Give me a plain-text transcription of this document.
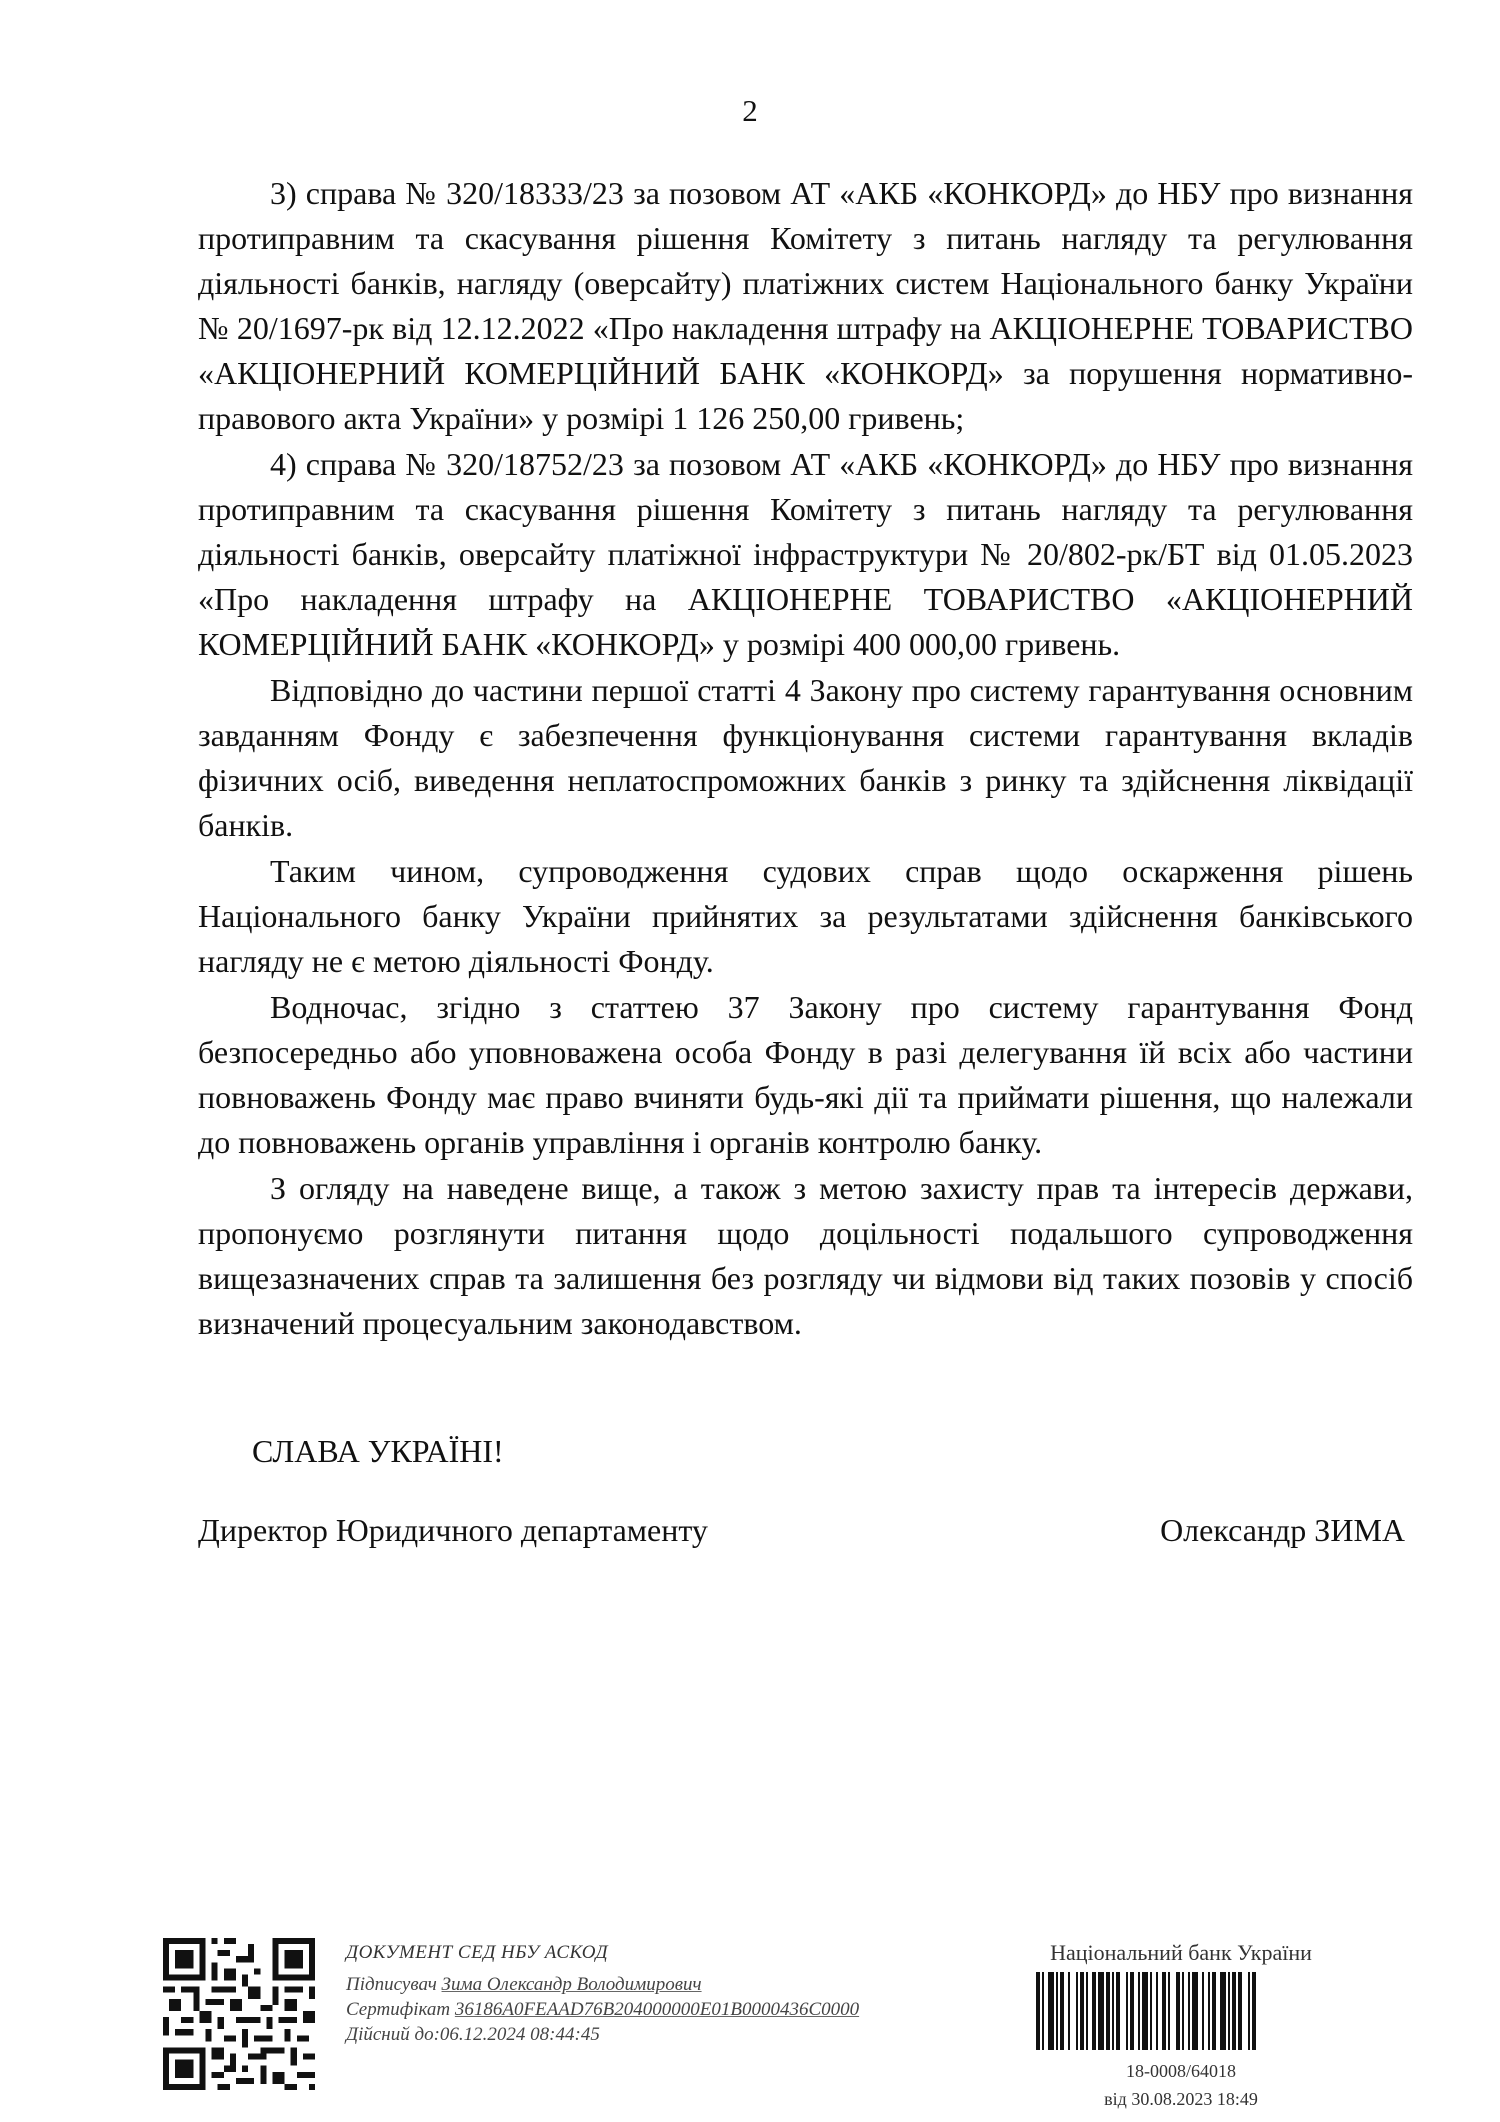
2

3) справа № 320/18333/23 за позовом АТ «АКБ «КОНКОРД» до НБУ про визнання протиправним та скасування рішення Комітету з питань нагляду та регулювання діяльності банків, нагляду (оверсайту) платіжних систем Національного банку України № 20/1697-рк від 12.12.2022 «Про накладення штрафу на АКЦІОНЕРНЕ ТОВАРИСТВО «АКЦІОНЕРНИЙ КОМЕРЦІЙНИЙ БАНК «КОНКОРД» за порушення нормативно-правового акта України» у розмірі 1 126 250,00 гривень;

4) справа № 320/18752/23 за позовом АТ «АКБ «КОНКОРД» до НБУ про визнання протиправним та скасування рішення Комітету з питань нагляду та регулювання діяльності банків, оверсайту платіжної інфраструктури № 20/802-рк/БТ від 01.05.2023 «Про накладення штрафу на АКЦІОНЕРНЕ ТОВАРИСТВО «АКЦІОНЕРНИЙ КОМЕРЦІЙНИЙ БАНК «КОНКОРД» у розмірі 400 000,00 гривень.

Відповідно до частини першої статті 4 Закону про систему гарантування основним завданням Фонду є забезпечення функціонування системи гарантування вкладів фізичних осіб, виведення неплатоспроможних банків з ринку та здійснення ліквідації банків.

Таким чином, супроводження судових справ щодо оскарження рішень Національного банку України прийнятих за результатами здійснення банківського нагляду не є метою діяльності Фонду.

Водночас, згідно з статтею 37 Закону про систему гарантування Фонд безпосередньо або уповноважена особа Фонду в разі делегування їй всіх або частини повноважень Фонду має право вчиняти будь-які дії та приймати рішення, що належали до повноважень органів управління і органів контролю банку.

З огляду на наведене вище, а також з метою захисту прав та інтересів держави, пропонуємо розглянути питання щодо доцільності подальшого супроводження вищезазначених справ та залишення без розгляду чи відмови від таких позовів у спосіб визначений процесуальним законодавством.

СЛАВА УКРАЇНІ!
Директор Юридичного департаменту	Олександр ЗИМА
ДОКУМЕНТ СЕД НБУ АСКОД
Підписувач Зима Олександр Володимирович
Сертифікат 36186A0FEAAD76B204000000E01B0000436C0000
Дійсний до:06.12.2024 08:44:45
Національний банк України
18-0008/64018
від 30.08.2023 18:49
